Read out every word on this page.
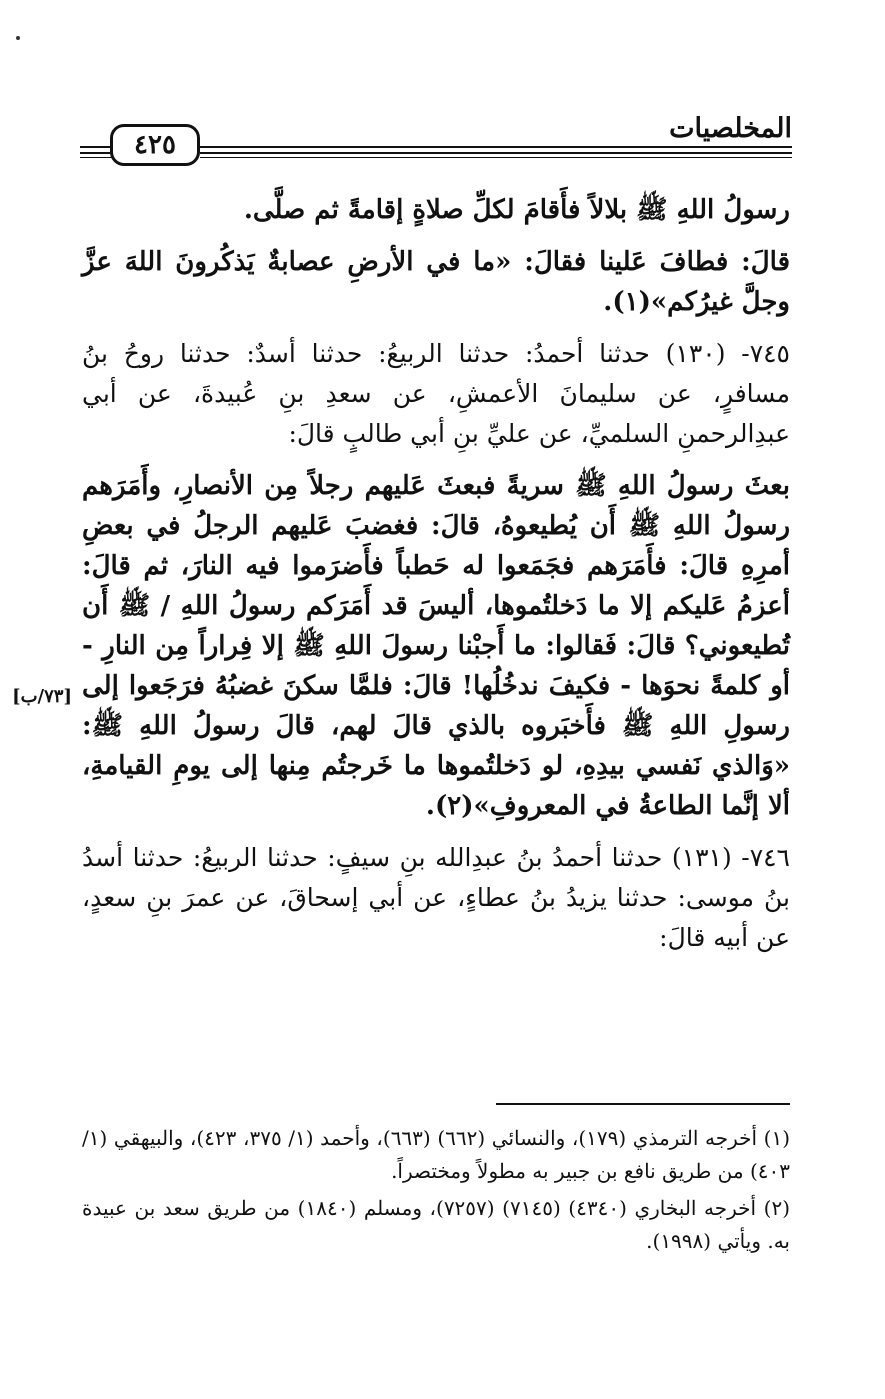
المخلصيات
٤٢٥
[٧٣/ب]

رسولُ اللهِ ﷺ بلالاً فأَقامَ لكلِّ صلاةٍ إقامةً ثم صلَّى.

قالَ: فطافَ عَلينا فقالَ: «ما في الأرضِ عصابةٌ يَذكُرونَ اللهَ عزَّ وجلَّ غيرُكم»(١).

٧٤٥- (١٣٠) حدثنا أحمدُ: حدثنا الربيعُ: حدثنا أسدٌ: حدثنا روحُ بنُ مسافرٍ، عن سليمانَ الأعمشِ، عن سعدِ بنِ عُبيدةَ، عن أبي عبدِالرحمنِ السلميِّ، عن عليِّ بنِ أبي طالبٍ قالَ:

بعثَ رسولُ اللهِ ﷺ سريةً فبعثَ عَليهم رجلاً مِن الأنصارِ، وأَمَرَهم رسولُ اللهِ ﷺ أَن يُطيعوهُ، قالَ: فغضبَ عَليهم الرجلُ في بعضِ أمرِهِ قالَ: فأَمَرَهم فجَمَعوا له حَطباً فأَضرَموا فيه النارَ، ثم قالَ: أعزمُ عَليكم إلا ما دَخلتُموها، أليسَ قد أَمَرَكم رسولُ اللهِ / ﷺ أَن تُطيعوني؟ قالَ: فَقالوا: ما أَجبْنا رسولَ اللهِ ﷺ إلا فِراراً مِن النارِ - أو كلمةً نحوَها - فكيفَ ندخُلُها! قالَ: فلمَّا سكنَ غضبُهُ فرَجَعوا إلى رسولِ اللهِ ﷺ فأَخبَروه بالذي قالَ لهم، قالَ رسولُ اللهِ ﷺ: «وَالذي نَفسي بيدِهِ، لو دَخلتُموها ما خَرجتُم مِنها إلى يومِ القيامةِ، ألا إنَّما الطاعةُ في المعروفِ»(٢).

٧٤٦- (١٣١) حدثنا أحمدُ بنُ عبدِالله بنِ سيفٍ: حدثنا الربيعُ: حدثنا أسدُ بنُ موسى: حدثنا يزيدُ بنُ عطاءٍ، عن أبي إسحاقَ، عن عمرَ بنِ سعدٍ، عن أبيه قالَ:

(١) أخرجه الترمذي (١٧٩)، والنسائي (٦٦٢) (٦٦٣)، وأحمد (١/ ٣٧٥، ٤٢٣)، والبيهقي (١/ ٤٠٣) من طريق نافع بن جبير به مطولاً ومختصراً.

(٢) أخرجه البخاري (٤٣٤٠) (٧١٤٥) (٧٢٥٧)، ومسلم (١٨٤٠) من طريق سعد بن عبيدة به. ويأتي (١٩٩٨).
